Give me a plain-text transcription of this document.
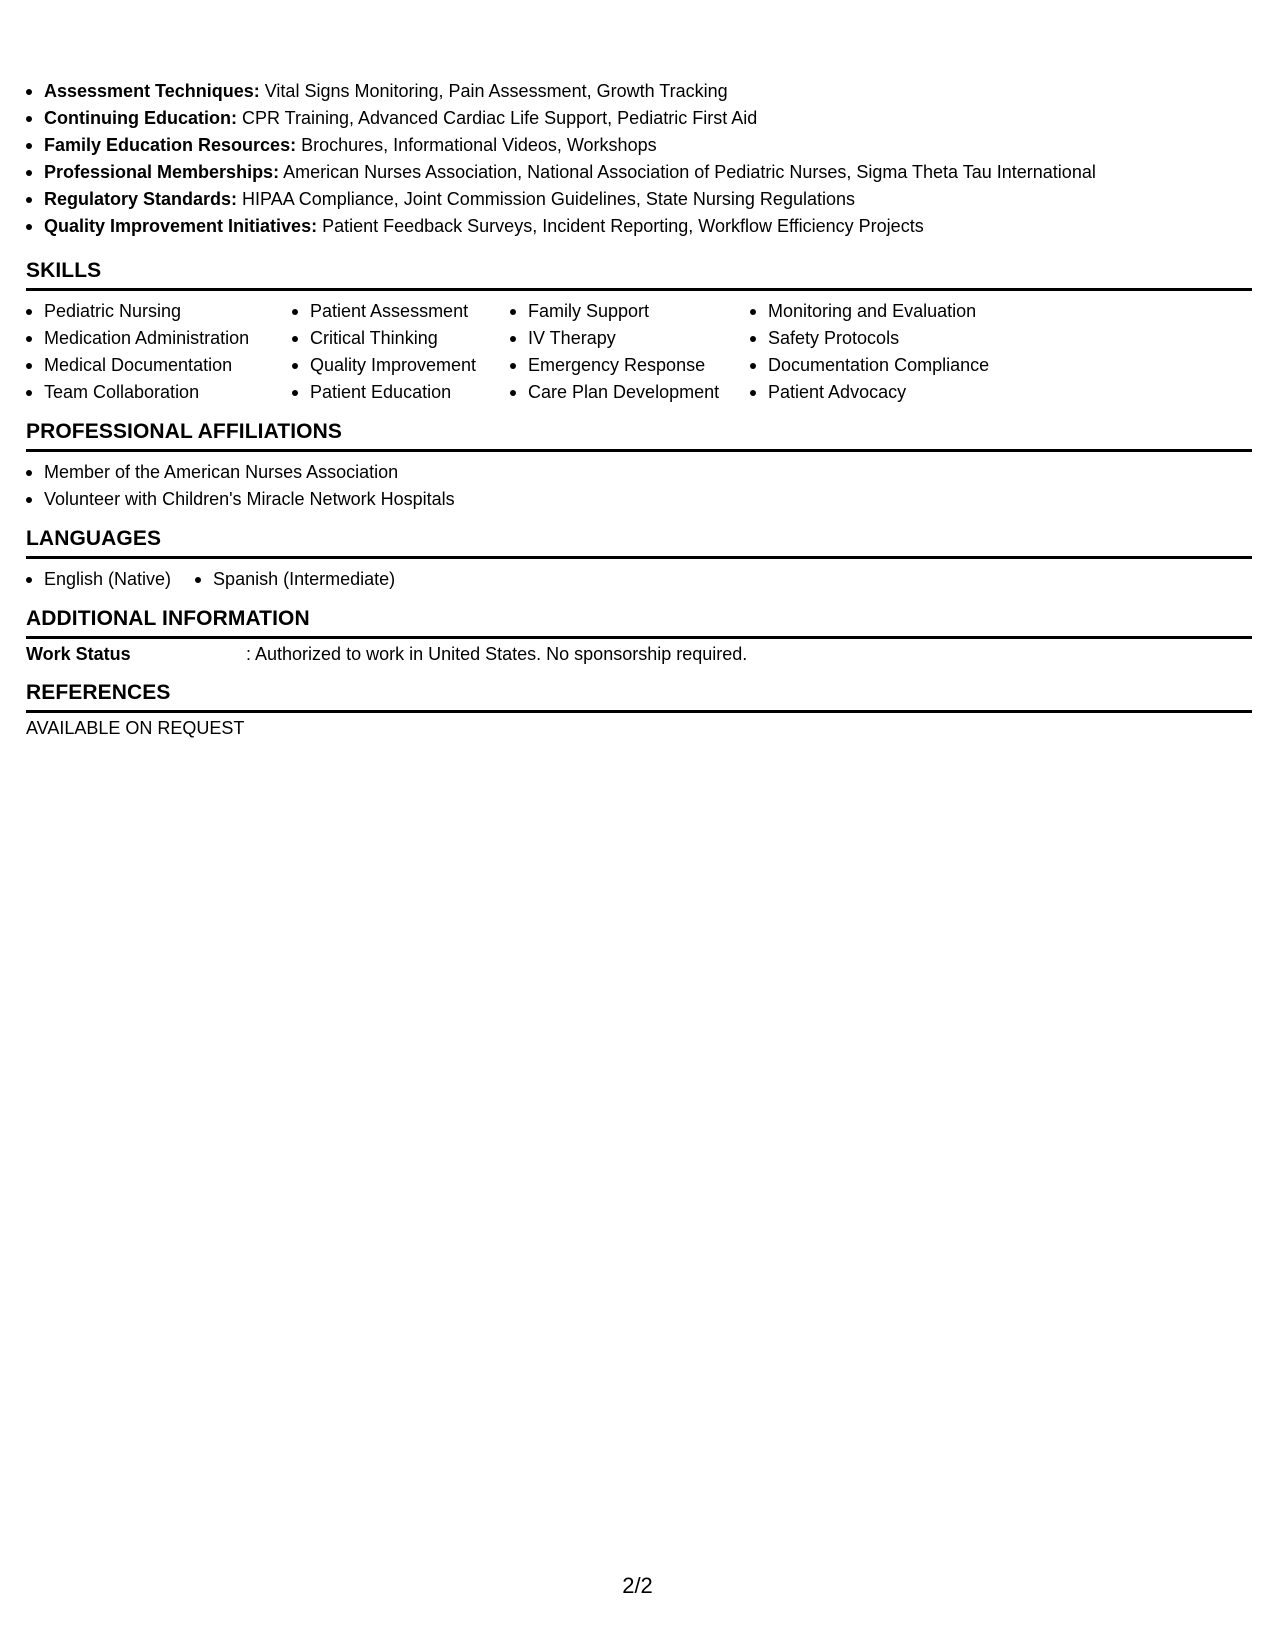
Assessment Techniques: Vital Signs Monitoring, Pain Assessment, Growth Tracking
Continuing Education: CPR Training, Advanced Cardiac Life Support, Pediatric First Aid
Family Education Resources: Brochures, Informational Videos, Workshops
Professional Memberships: American Nurses Association, National Association of Pediatric Nurses, Sigma Theta Tau International
Regulatory Standards: HIPAA Compliance, Joint Commission Guidelines, State Nursing Regulations
Quality Improvement Initiatives: Patient Feedback Surveys, Incident Reporting, Workflow Efficiency Projects
SKILLS
Pediatric Nursing
Medication Administration
Medical Documentation
Team Collaboration
Patient Assessment
Critical Thinking
Quality Improvement
Patient Education
Family Support
IV Therapy
Emergency Response
Care Plan Development
Monitoring and Evaluation
Safety Protocols
Documentation Compliance
Patient Advocacy
PROFESSIONAL AFFILIATIONS
Member of the American Nurses Association
Volunteer with Children's Miracle Network Hospitals
LANGUAGES
English (Native)	Spanish (Intermediate)
ADDITIONAL INFORMATION
Work Status	: Authorized to work in United States. No sponsorship required.
REFERENCES
AVAILABLE ON REQUEST
2/2
